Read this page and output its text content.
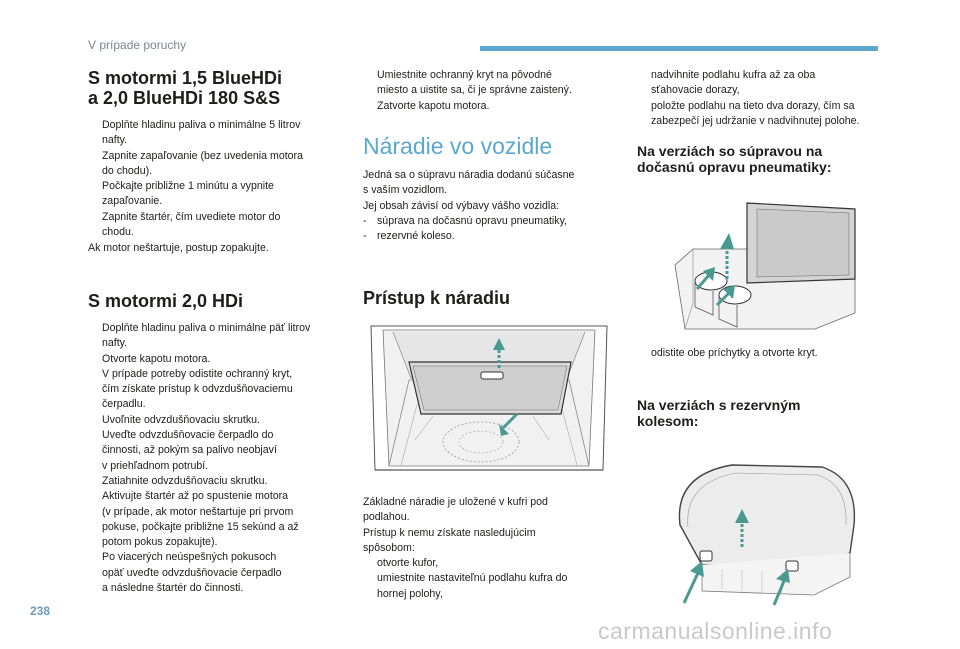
V prípade poruchy
S motormi 1,5 BlueHDi
a 2,0 BlueHDi 180 S&S
Doplňte hladinu paliva o minimálne 5 litrov
nafty.
Zapnite zapaľovanie (bez uvedenia motora
do chodu).
Počkajte približne 1 minútu a vypnite
zapaľovanie.
Zapnite štartér, čím uvediete motor do
chodu.
Ak motor neštartuje, postup zopakujte.
S motormi 2,0 HDi
Doplňte hladinu paliva o minimálne päť litrov
nafty.
Otvorte kapotu motora.
V prípade potreby odistite ochranný kryt,
čím získate prístup k odvzdušňovaciemu
čerpadlu.
Uvoľnite odvzdušňovaciu skrutku.
Uveďte odvzdušňovacie čerpadlo do
činnosti, až pokým sa palivo neobjaví
v priehľadnom potrubí.
Zatiahnite odvzdušňovaciu skrutku.
Aktivujte štartér až po spustenie motora
(v prípade, ak motor neštartuje pri prvom
pokuse, počkajte približne 15 sekúnd a až
potom pokus zopakujte).
Po viacerých neúspešných pokusoch
opäť uveďte odvzdušňovacie čerpadlo
a následne štartér do činnosti.
Umiestnite ochranný kryt na pôvodné
miesto a uistite sa, či je správne zaistený.
Zatvorte kapotu motora.
Náradie vo vozidle
Jedná sa o súpravu náradia dodanú súčasne
s vaším vozidlom.
Jej obsah závisí od výbavy vášho vozidla:
- súprava na dočasnú opravu pneumatiky,
- rezervné koleso.
Prístup k náradiu
Základné náradie je uložené v kufri pod
podlahou.
Prístup k nemu získate nasledujúcim
spôsobom:
otvorte kufor,
umiestnite nastaviteľnú podlahu kufra do
hornej polohy,
nadvihnite podlahu kufra až za oba
sťahovacie dorazy,
položte podlahu na tieto dva dorazy, čím sa
zabezpečí jej udržanie v nadvihnutej polohe.
Na verziách so súpravou na
dočasnú opravu pneumatiky:
odistite obe príchytky a otvorte kryt.
Na verziách s rezervným
kolesom:
238
carmanualsonline.info
